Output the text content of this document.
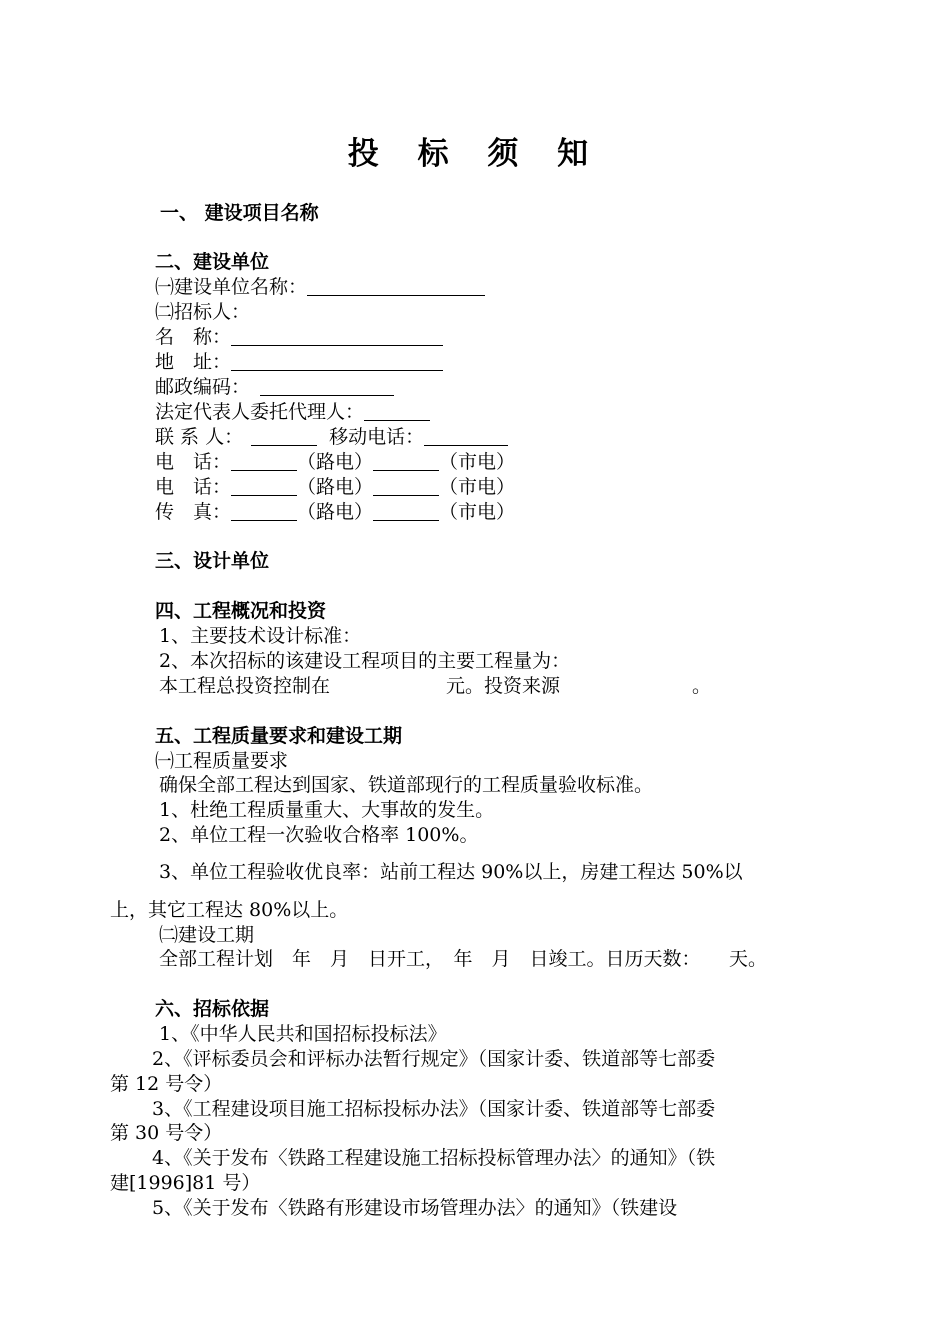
投 标 须 知
一、 建设项目名称
二、建设单位
㈠建设单位名称：
㈡招标人：
名　称：
地　址：
邮政编码：
法定代表人委托代理人：
联 系 人：	移动电话：
电　话：	（路电）	（市电）
电　话：	（路电）	（市电）
传　真：	（路电）	（市电）
三、设计单位
四、工程概况和投资
1、主要技术设计标准：
2、本次招标的该建设工程项目的主要工程量为：
本工程总投资控制在	元。投资来源	。
五、工程质量要求和建设工期
㈠工程质量要求
确保全部工程达到国家、铁道部现行的工程质量验收标准。
1、杜绝工程质量重大、大事故的发生。
2、单位工程一次验收合格率 100%。
3、单位工程验收优良率：站前工程达 90%以上，房建工程达 50%以
上，其它工程达 80%以上。
㈡建设工期
全部工程计划　年　月　日开工，　年　月　日竣工。日历天数：　　天。
六、招标依据
1、《中华人民共和国招标投标法》
2、《评标委员会和评标办法暂行规定》（国家计委、铁道部等七部委
第 12 号令）
3、《工程建设项目施工招标投标办法》（国家计委、铁道部等七部委
第 30 号令）
4、《关于发布〈铁路工程建设施工招标投标管理办法〉的通知》（铁
建[1996]81 号）
5、《关于发布〈铁路有形建设市场管理办法〉的通知》（铁建设
